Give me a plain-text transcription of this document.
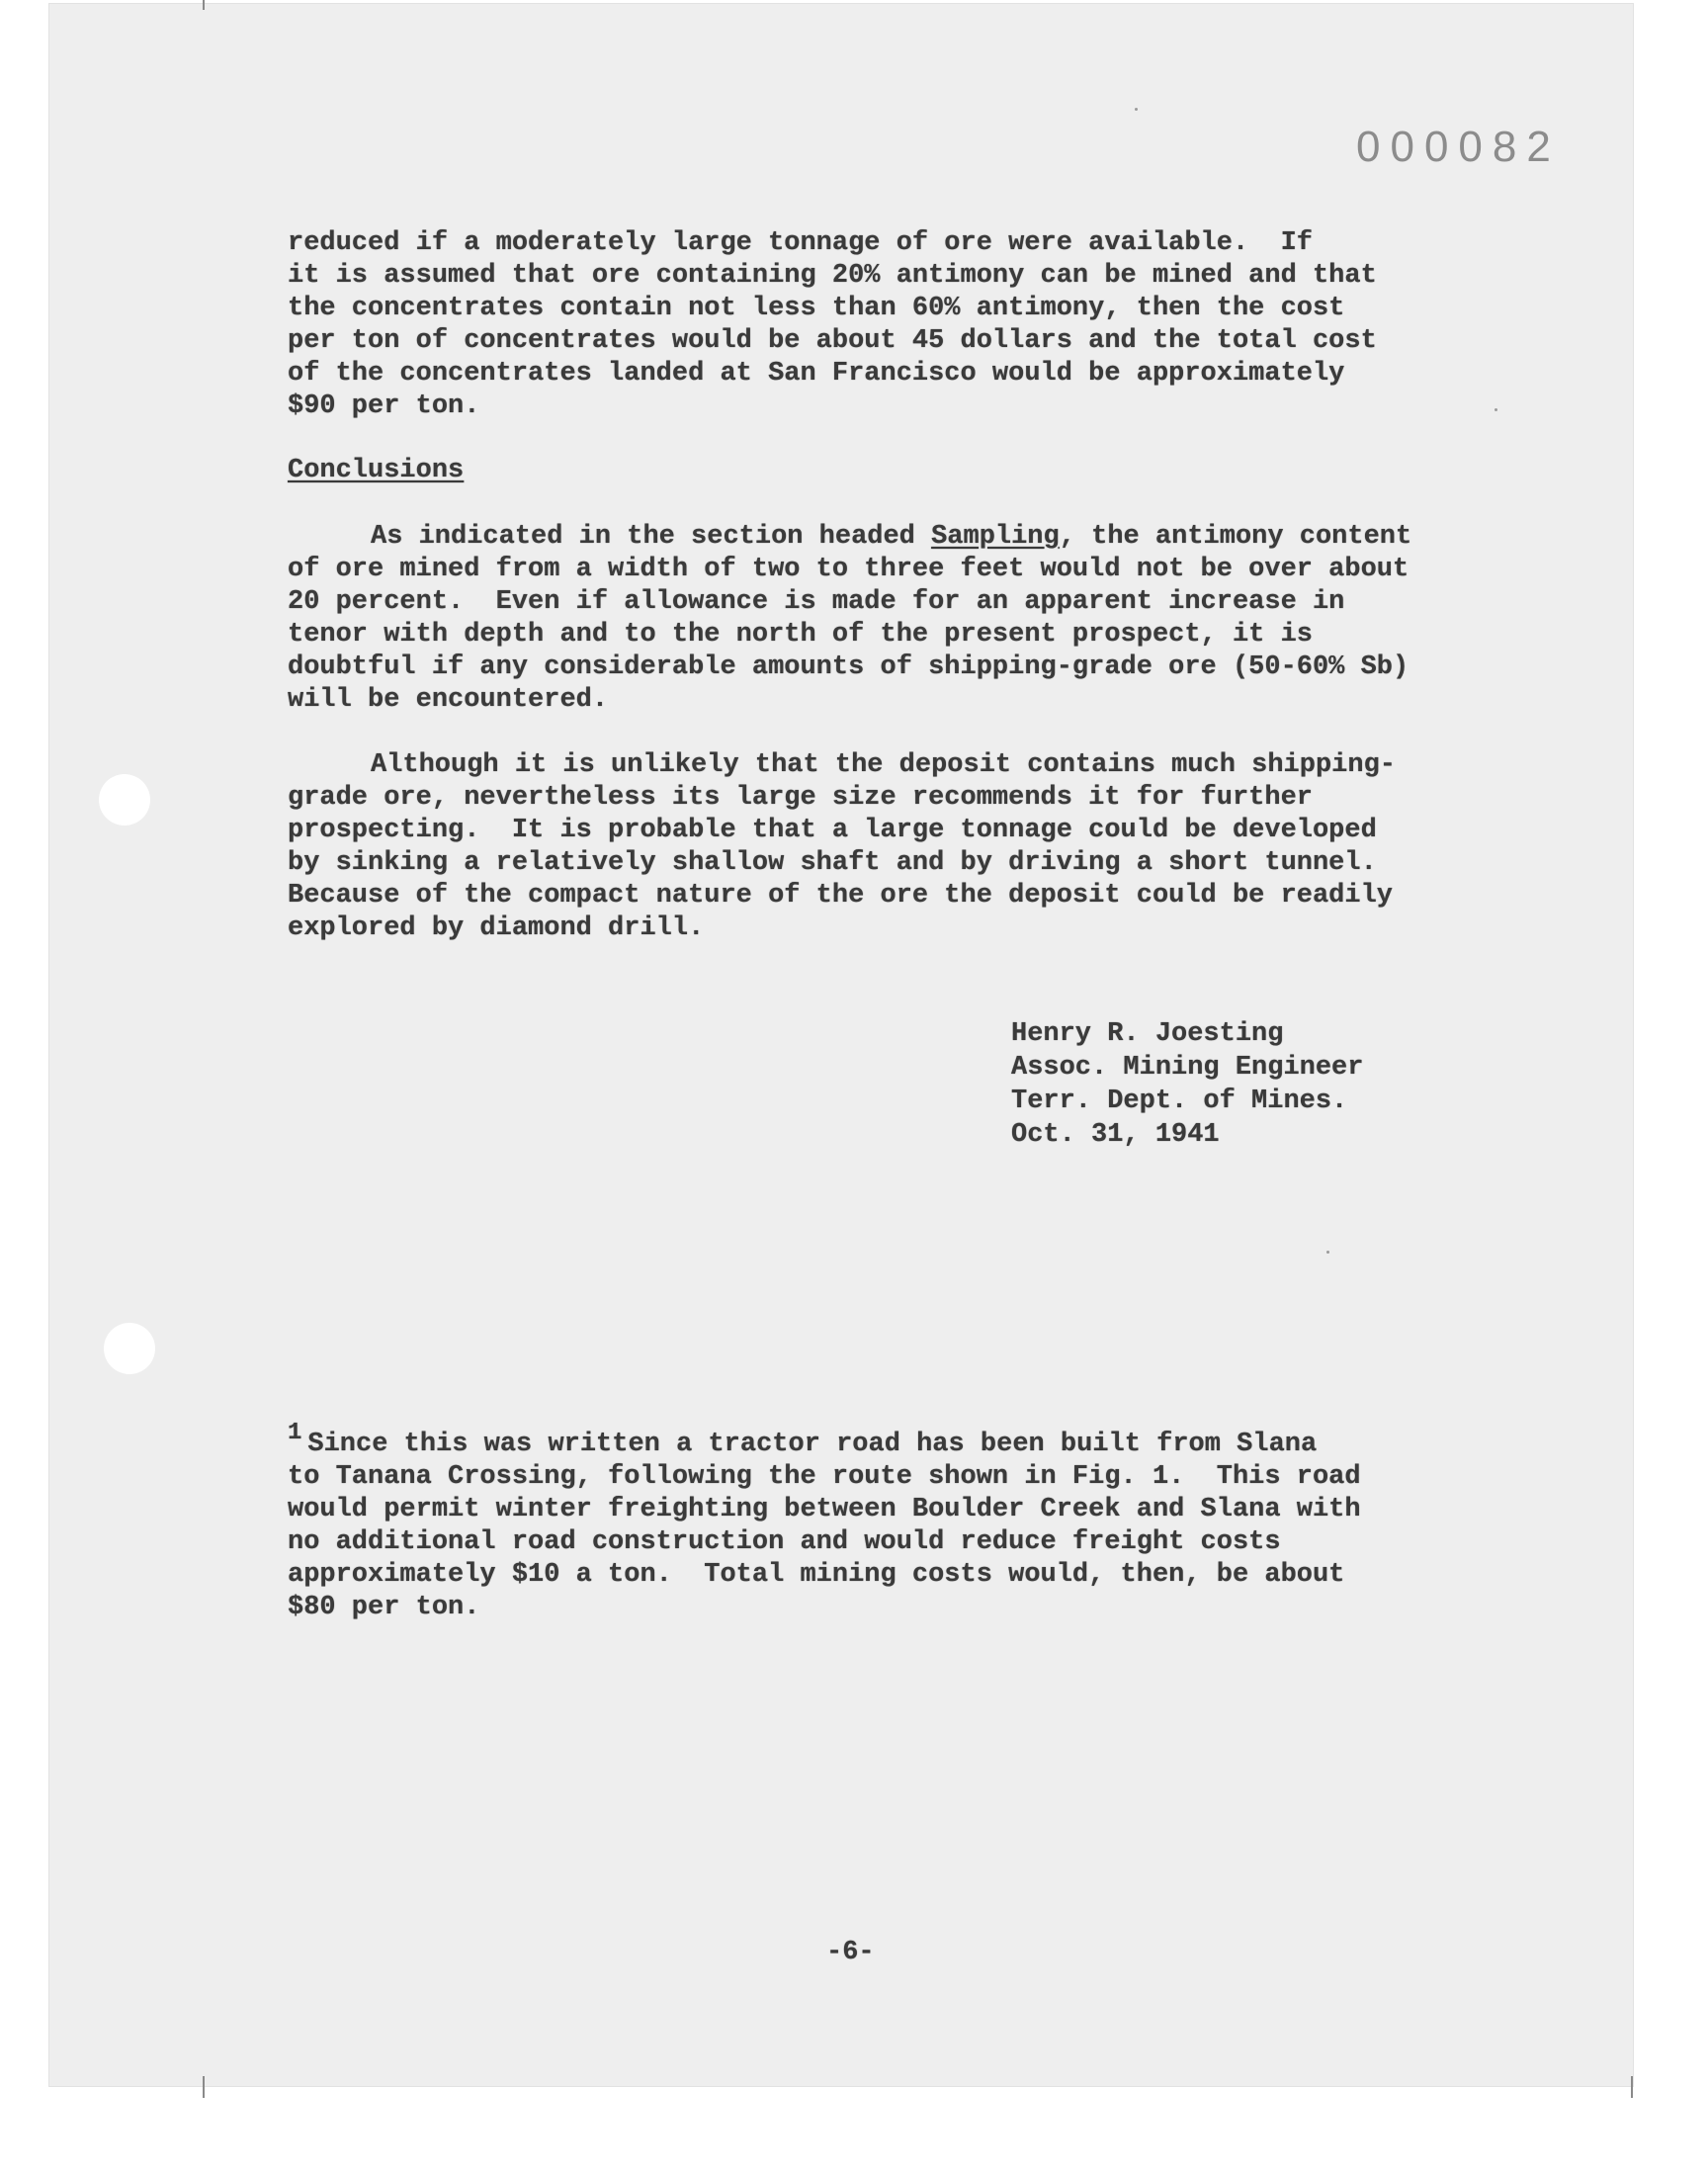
000082

reduced if a moderately large tonnage of ore were available.  If

it is assumed that ore containing 20% antimony can be mined and that

the concentrates contain not less than 60% antimony, then the cost

per ton of concentrates would be about 45 dollars and the total cost

of the concentrates landed at San Francisco would be approximately

$90 per ton.

Conclusions

As indicated in the section headed Sampling, the antimony content

of ore mined from a width of two to three feet would not be over about

20 percent.  Even if allowance is made for an apparent increase in

tenor with depth and to the north of the present prospect, it is

doubtful if any considerable amounts of shipping-grade ore (50-60% Sb)

will be encountered.

Although it is unlikely that the deposit contains much shipping-

grade ore, nevertheless its large size recommends it for further

prospecting.  It is probable that a large tonnage could be developed

by sinking a relatively shallow shaft and by driving a short tunnel.

Because of the compact nature of the ore the deposit could be readily

explored by diamond drill.

Henry R. Joesting

Assoc. Mining Engineer

Terr. Dept. of Mines.

Oct. 31, 1941

1 Since this was written a tractor road has been built from Slana

to Tanana Crossing, following the route shown in Fig. 1.  This road

would permit winter freighting between Boulder Creek and Slana with

no additional road construction and would reduce freight costs

approximately $10 a ton.  Total mining costs would, then, be about

$80 per ton.

-6-
